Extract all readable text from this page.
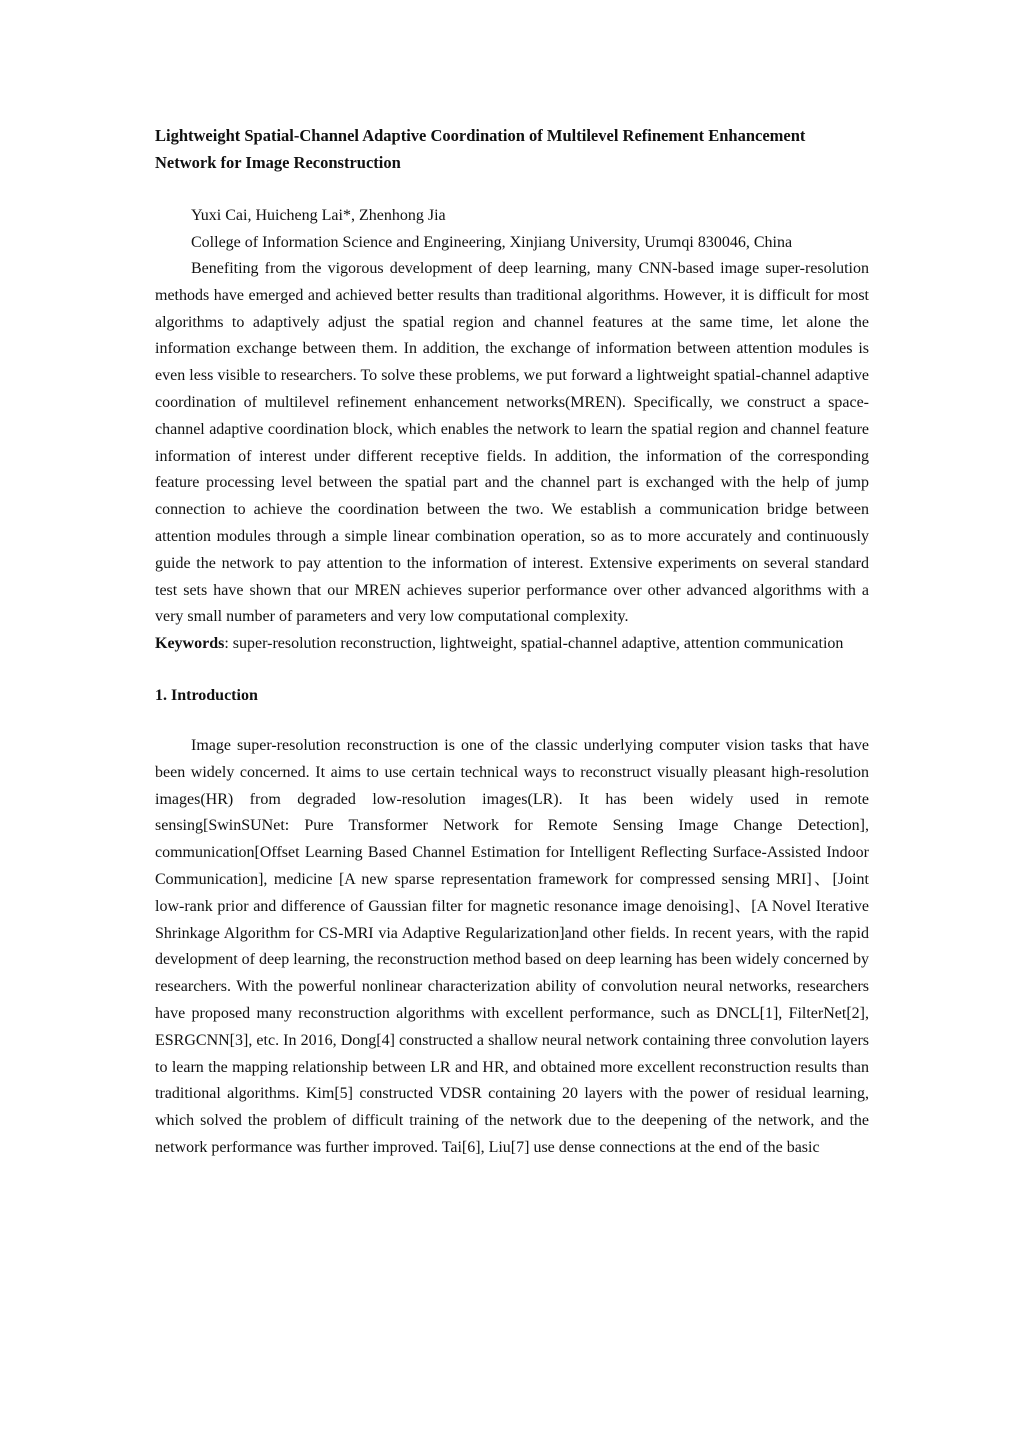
Lightweight Spatial-Channel Adaptive Coordination of Multilevel Refinement Enhancement Network for Image Reconstruction

Yuxi Cai, Huicheng Lai*, Zhenhong Jia

College of Information Science and Engineering, Xinjiang University, Urumqi 830046, China

Benefiting from the vigorous development of deep learning, many CNN-based image super-resolution methods have emerged and achieved better results than traditional algorithms. However, it is difficult for most algorithms to adaptively adjust the spatial region and channel features at the same time, let alone the information exchange between them. In addition, the exchange of information between attention modules is even less visible to researchers. To solve these problems, we put forward a lightweight spatial-channel adaptive coordination of multilevel refinement enhancement networks(MREN). Specifically, we construct a space-channel adaptive coordination block, which enables the network to learn the spatial region and channel feature information of interest under different receptive fields. In addition, the information of the corresponding feature processing level between the spatial part and the channel part is exchanged with the help of jump connection to achieve the coordination between the two. We establish a communication bridge between attention modules through a simple linear combination operation, so as to more accurately and continuously guide the network to pay attention to the information of interest. Extensive experiments on several standard test sets have shown that our MREN achieves superior performance over other advanced algorithms with a very small number of parameters and very low computational complexity.

Keywords: super-resolution reconstruction, lightweight, spatial-channel adaptive, attention communication

1. Introduction

Image super-resolution reconstruction is one of the classic underlying computer vision tasks that have been widely concerned. It aims to use certain technical ways to reconstruct visually pleasant high-resolution images(HR) from degraded low-resolution images(LR). It has been widely used in remote sensing[SwinSUNet: Pure Transformer Network for Remote Sensing Image Change Detection], communication[Offset Learning Based Channel Estimation for Intelligent Reflecting Surface-Assisted Indoor Communication], medicine [A new sparse representation framework for compressed sensing MRI]、[Joint low-rank prior and difference of Gaussian filter for magnetic resonance image denoising]、[A Novel Iterative Shrinkage Algorithm for CS-MRI via Adaptive Regularization]and other fields. In recent years, with the rapid development of deep learning, the reconstruction method based on deep learning has been widely concerned by researchers. With the powerful nonlinear characterization ability of convolution neural networks, researchers have proposed many reconstruction algorithms with excellent performance, such as DNCL[1], FilterNet[2], ESRGCNN[3], etc. In 2016, Dong[4] constructed a shallow neural network containing three convolution layers to learn the mapping relationship between LR and HR, and obtained more excellent reconstruction results than traditional algorithms. Kim[5] constructed VDSR containing 20 layers with the power of residual learning, which solved the problem of difficult training of the network due to the deepening of the network, and the network performance was further improved. Tai[6], Liu[7] use dense connections at the end of the basic
